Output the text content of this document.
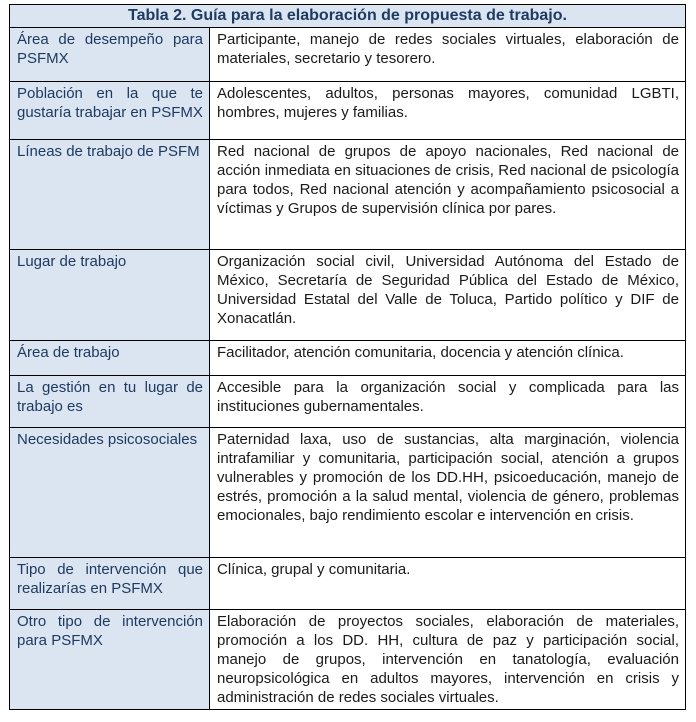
Tabla 2. Guía para la elaboración de propuesta de trabajo.
Área de desempeño para PSFMX	Participante, manejo de redes sociales virtuales, elaboración de materiales, secretario y tesorero.
Población en la que te gustaría trabajar en PSFMX	Adolescentes, adultos, personas mayores, comunidad LGBTI, hombres, mujeres y familias.
Líneas de trabajo de PSFM	Red nacional de grupos de apoyo nacionales, Red nacional de acción inmediata en situaciones de crisis, Red nacional de psicología para todos, Red nacional atención y acompañamiento psicosocial a víctimas y Grupos de supervisión clínica por pares.
Lugar de trabajo	Organización social civil, Universidad Autónoma del Estado de México, Secretaría de Seguridad Pública del Estado de México, Universidad Estatal del Valle de Toluca, Partido político y DIF de Xonacatlán.
Área de trabajo	Facilitador, atención comunitaria, docencia y atención clínica.
La gestión en tu lugar de trabajo es	Accesible para la organización social y complicada para las instituciones gubernamentales.
Necesidades psicosociales	Paternidad laxa, uso de sustancias, alta marginación, violencia intrafamiliar y comunitaria, participación social, atención a grupos vulnerables y promoción de los DD.HH, psicoeducación, manejo de estrés, promoción a la salud mental, violencia de género, problemas emocionales, bajo rendimiento escolar e intervención en crisis.
Tipo de intervención que realizarías en PSFMX	Clínica, grupal y comunitaria.
Otro tipo de intervención para PSFMX	Elaboración de proyectos sociales, elaboración de materiales, promoción a los DD. HH, cultura de paz y participación social, manejo de grupos, intervención en tanatología, evaluación neuropsicológica en adultos mayores, intervención en crisis y administración de redes sociales virtuales.
